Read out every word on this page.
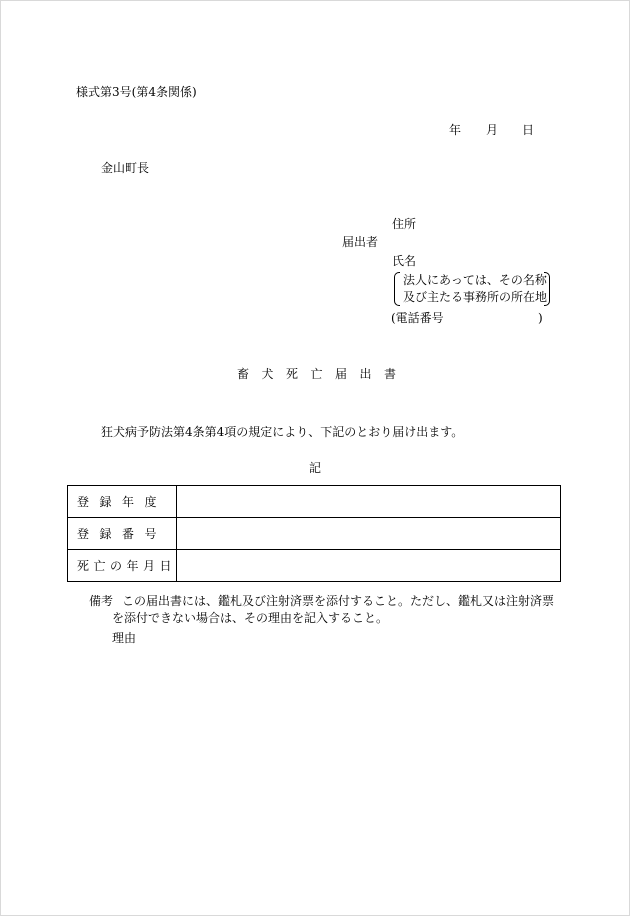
様式第3号(第4条関係)
年 月 日
金山町長
住所
届出者
氏名
法人にあっては、その名称
及び主たる事務所の所在地
(電話番号	)
畜犬死亡届出書
狂犬病予防法第4条第4項の規定により、下記のとおり届け出ます。
記
登録年度	
登録番号	
死亡の年月日	
備考 この届出書には、鑑札及び注射済票を添付すること。ただし、鑑札又は注射済票
を添付できない場合は、その理由を記入すること。
理由
